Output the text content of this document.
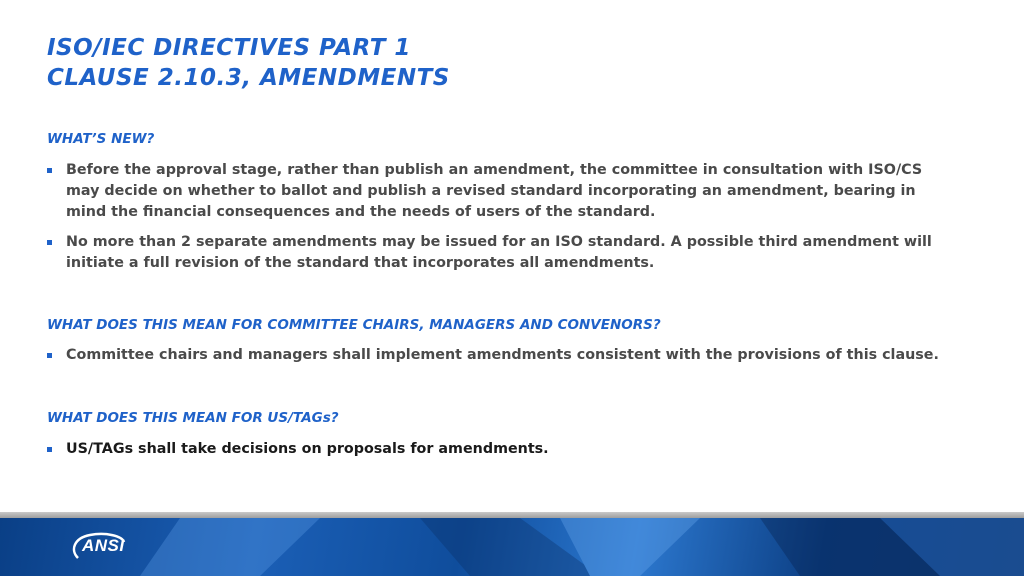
ISO/IEC DIRECTIVES PART 1
CLAUSE 2.10.3, AMENDMENTS
WHAT’S NEW?
Before the approval stage, rather than publish an amendment, the committee in consultation with ISO/CS may decide on whether to ballot and publish a revised standard incorporating an amendment, bearing in mind the financial consequences and the needs of users of the standard.
No more than 2 separate amendments may be issued for an ISO standard. A possible third amendment will initiate a full revision of the standard that incorporates all amendments.
WHAT DOES THIS MEAN FOR COMMITTEE CHAIRS, MANAGERS AND CONVENORS?
Committee chairs and managers shall implement amendments consistent with the provisions of this clause.
WHAT DOES THIS MEAN FOR US/TAGs?
US/TAGs shall take decisions on proposals for amendments.
ANSI
